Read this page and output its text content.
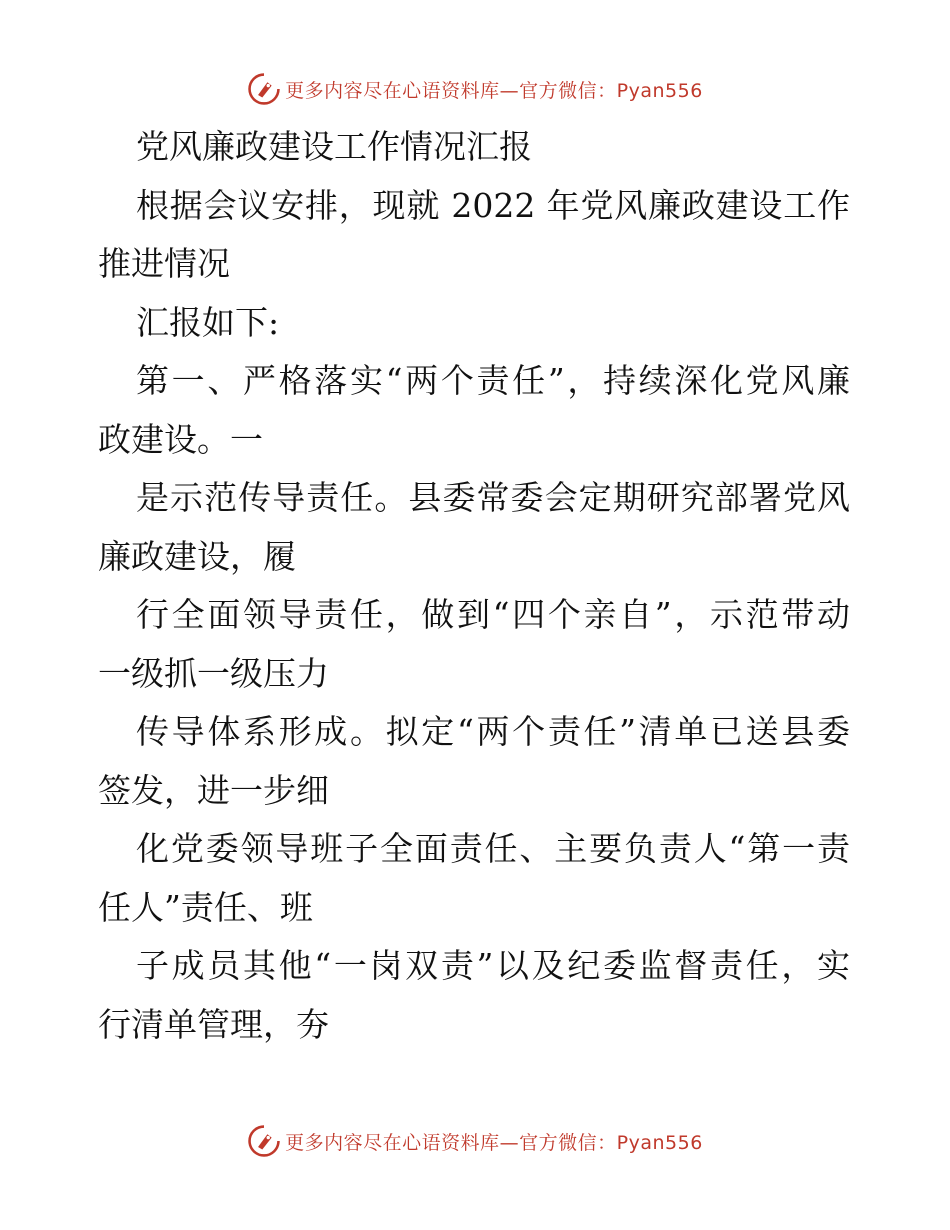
更多内容尽在心语资料库—官方微信：Pyan556
党风廉政建设工作情况汇报
根据会议安排，现就 2022 年党风廉政建设工作
推进情况
汇报如下:
第一、严格落实“两个责任”，持续深化党风廉
政建设。一
是示范传导责任。县委常委会定期研究部署党风
廉政建设，履
行全面领导责任，做到“四个亲自”，示范带动
一级抓一级压力
传导体系形成。拟定“两个责任”清单已送县委
签发，进一步细
化党委领导班子全面责任、主要负责人“第一责
任人”责任、班
子成员其他“一岗双责”以及纪委监督责任，实
行清单管理，夯
更多内容尽在心语资料库—官方微信：Pyan556
